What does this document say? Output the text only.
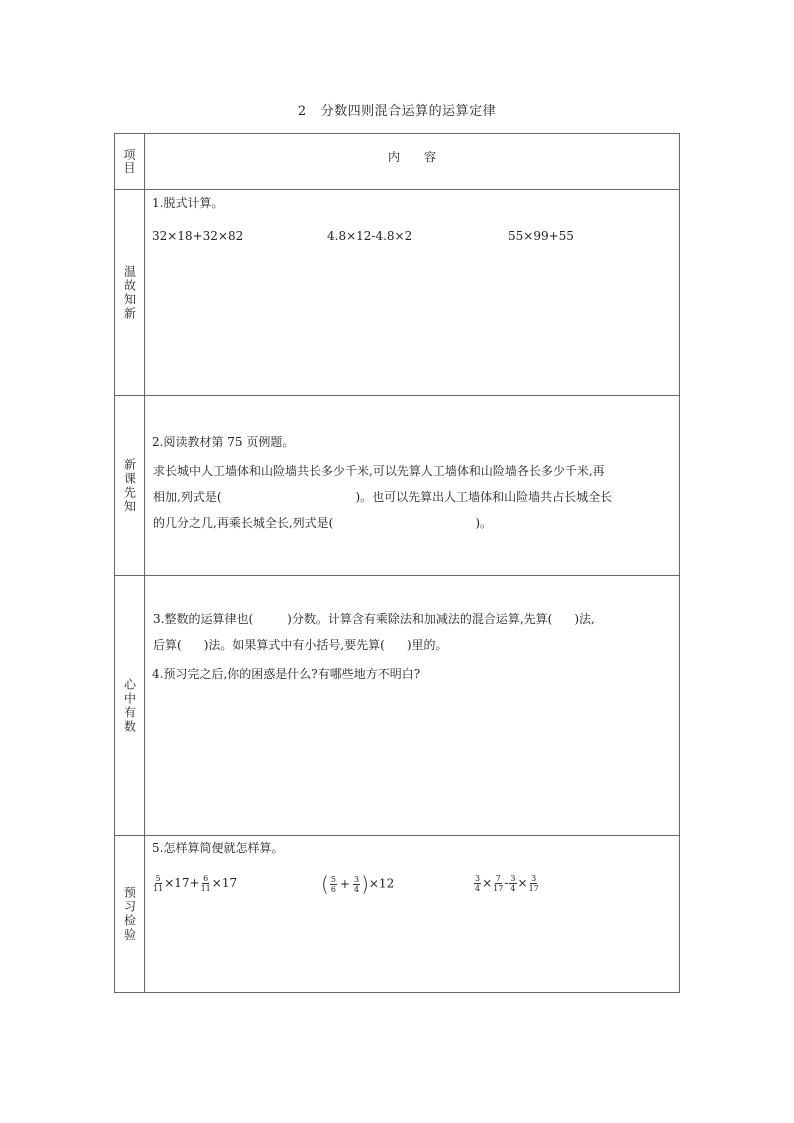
2 分数四则混合运算的运算定律
项目
内　　容
温故知新
1.脱式计算。
32×18+32×82	4.8×12-4.8×2	55×99+55
新课先知
2.阅读教材第 75 页例题。
求长城中人工墙体和山险墙共长多少千米,可以先算人工墙体和山险墙各长多少千米,再
相加,列式是(	)。也可以先算出人工墙体和山险墙共占长城全长
的几分之几,再乘长城全长,列式是(	)。
心中有数
3.整数的运算律也(	)分数。计算含有乘除法和加减法的混合运算,先算( )法,
后算( )法。如果算式中有小括号,要先算( )里的。
4.预习完之后,你的困惑是什么?有哪些地方不明白?
预习检验
5.怎样算简便就怎样算。
$\frac{5}{11} \times 17+ \frac{6}{11} \times 17$	( $\frac{5}{6} + \frac{3}{4} )\times 12$	$\frac{3}{4} \times \frac{7}{17} - \frac{3}{4} \times \frac{3}{17}$
